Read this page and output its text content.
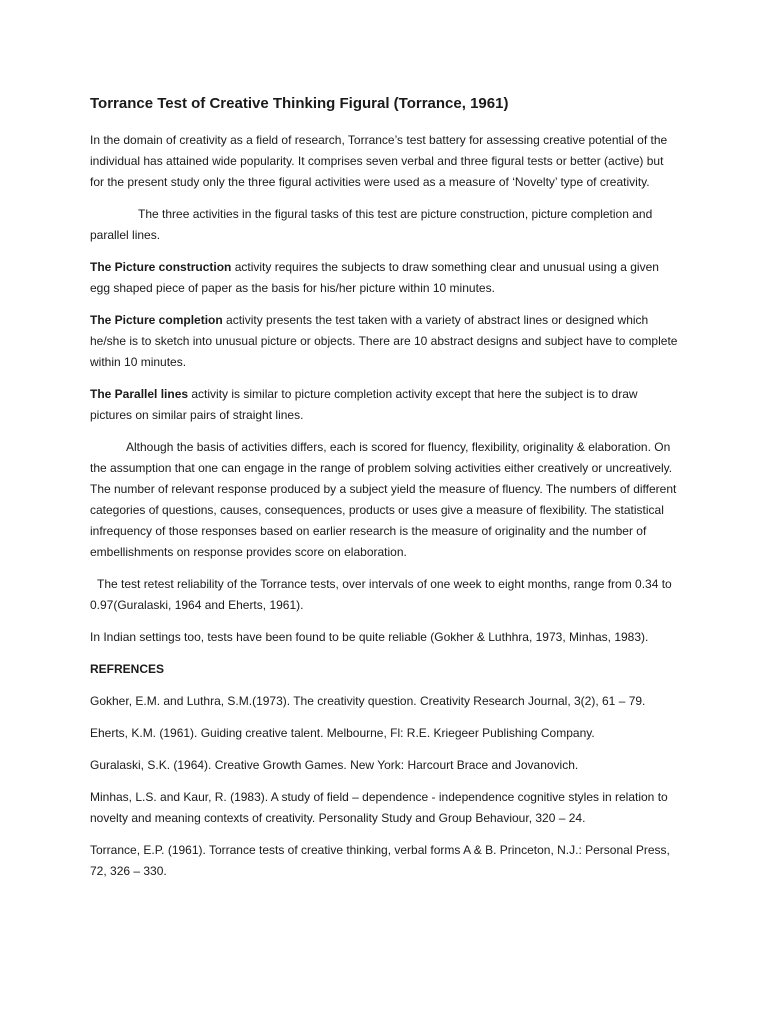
Torrance Test of Creative Thinking Figural (Torrance, 1961)

In the domain of creativity as a field of research, Torrance’s test battery for assessing creative potential of the individual has attained wide popularity. It comprises seven verbal and three figural tests or better (active) but for the present study only the three figural activities were used as a measure of ‘Novelty’ type of creativity.

The three activities in the figural tasks of this test are picture construction, picture completion and parallel lines.

The Picture construction activity requires the subjects to draw something clear and unusual using a given egg shaped piece of paper as the basis for his/her picture within 10 minutes.

The Picture completion activity presents the test taken with a variety of abstract lines or designed which he/she is to sketch into unusual picture or objects. There are 10 abstract designs and subject have to complete within 10 minutes.

The Parallel lines activity is similar to picture completion activity except that here the subject is to draw pictures on similar pairs of straight lines.

Although the basis of activities differs, each is scored for fluency, flexibility, originality & elaboration. On the assumption that one can engage in the range of problem solving activities either creatively or uncreatively. The number of relevant response produced by a subject yield the measure of fluency. The numbers of different categories of questions, causes, consequences, products or uses give a measure of flexibility. The statistical infrequency of those responses based on earlier research is the measure of originality and the number of embellishments on response provides score on elaboration.

The test retest reliability of the Torrance tests, over intervals of one week to eight months, range from 0.34 to 0.97(Guralaski, 1964 and Eherts, 1961).

In Indian settings too, tests have been found to be quite reliable (Gokher & Luthhra, 1973, Minhas, 1983).

REFRENCES
Gokher, E.M. and Luthra, S.M.(1973). The creativity question. Creativity Research Journal, 3(2), 61 – 79.
Eherts, K.M. (1961). Guiding creative talent. Melbourne, Fl: R.E. Kriegeer Publishing Company.
Guralaski, S.K. (1964). Creative Growth Games. New York: Harcourt Brace and Jovanovich.
Minhas, L.S. and Kaur, R. (1983). A study of field – dependence - independence cognitive styles in relation to novelty and meaning contexts of creativity. Personality Study and Group Behaviour, 320 – 24.
Torrance, E.P. (1961). Torrance tests of creative thinking, verbal forms A & B. Princeton, N.J.: Personal Press, 72, 326 – 330.
